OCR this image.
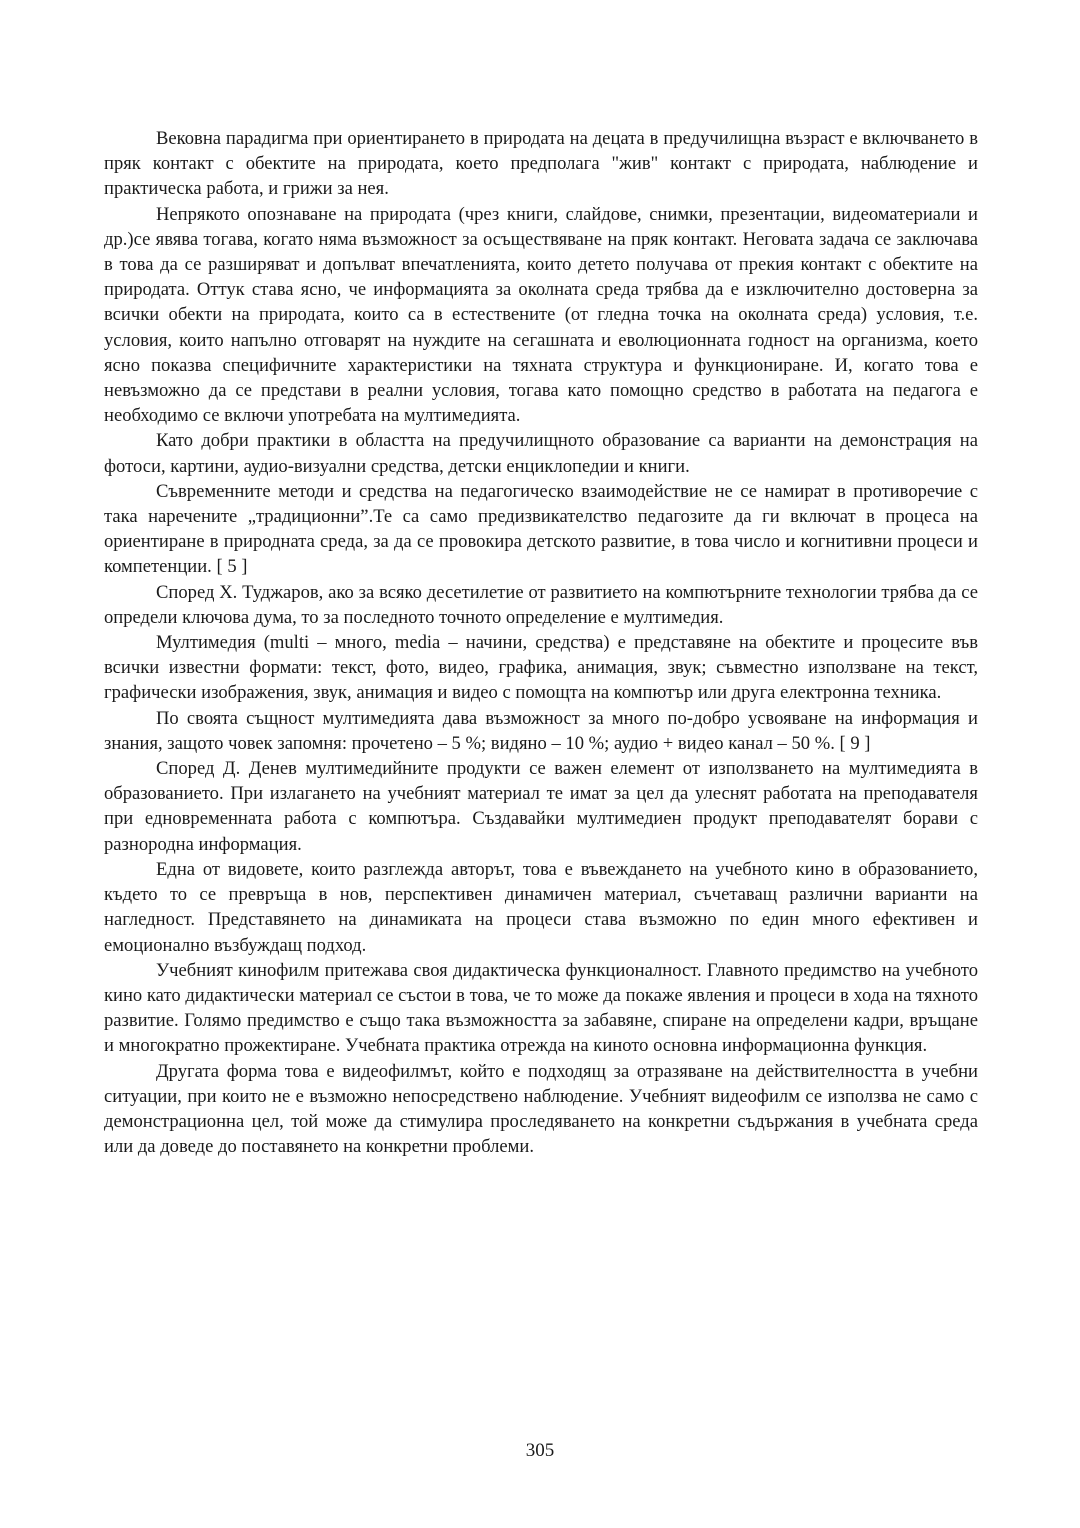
Вековна парадигма при ориентирането в природата на децата в предучилищна възраст е включването в пряк контакт с обектите на природата, което предполага "жив" контакт с природата, наблюдение и практическа работа, и грижи за нея.

Непрякото опознаване на природата (чрез книги, слайдове, снимки, презентации, видеоматериали и др.)се явява тогава, когато няма възможност за осъществяване на пряк контакт. Неговата задача се заключава в това да се разширяват и допълват впечатленията, които детето получава от прекия контакт с обектите на природата. Оттук става ясно, че информацията за околната среда трябва да е изключително достоверна за всички обекти на природата, които са в естествените (от гледна точка на околната среда) условия, т.е. условия, които напълно отговарят на нуждите на сегашната и еволюционната годност на организма, което ясно показва специфичните характеристики на тяхната структура и функциониране. И, когато това е невъзможно да се представи в реални условия, тогава като помощно средство в работата на педагога е необходимо се включи употребата на мултимедията.

Като добри практики в областта на предучилищното образование са варианти на демонстрация на фотоси, картини, аудио-визуални средства, детски енциклопедии и книги.

Съвременните методи и средства на педагогическо взаимодействие не се намират в противоречие с така наречените „традиционни”.Те са само предизвикателство педагозите да ги включат в процеса на ориентиране в природната среда, за да се провокира детското развитие, в това число и когнитивни процеси и компетенции. [ 5 ]

Според Х. Туджаров, ако за всяко десетилетие от развитието на компютърните технологии трябва да се определи ключова дума, то за последното точното определение е мултимедия.

Мултимедия (multi – много, media – начини, средства) е представяне на обектите и процесите във всички известни формати: текст, фото, видео, графика, анимация, звук; съвместно използване на текст, графически изображения, звук, анимация и видео с помощта на компютър или друга електронна техника.

По своята същност мултимедията дава възможност за много по-добро усвояване на информация и знания, защото човек запомня: прочетено – 5 %; видяно – 10 %; аудио + видео канал – 50 %. [ 9 ]

Според Д. Денев мултимедийните продукти се важен елемент от използването на мултимедията в образованието. При излагането на учебният материал те имат за цел да улеснят работата на преподавателя при едновременната работа с компютъра. Създавайки мултимедиен продукт преподавателят борави с разнородна информация.

Една от видовете, които разглежда авторът, това е въвеждането на учебното кино в образованието, където то се превръща в нов, перспективен динамичен материал, съчетаващ различни варианти на нагледност. Представянето на динамиката на процеси става възможно по един много ефективен и емоционално възбуждащ подход.

Учебният кинофилм притежава своя дидактическа функционалност. Главното предимство на учебното кино като дидактически материал се състои в това, че то може да покаже явления и процеси в хода на тяхното развитие. Голямо предимство е също така възможността за забавяне, спиране на определени кадри, връщане и многократно прожектиране. Учебната практика отрежда на киното основна информационна функция.

Другата форма това е видеофилмът, който е подходящ за отразяване на действителността в учебни ситуации, при които не е възможно непосредствено наблюдение. Учебният видеофилм се използва не само с демонстрационна цел, той може да стимулира проследяването на конкретни съдържания в учебната среда или да доведе до поставянето на конкретни проблеми.

305
